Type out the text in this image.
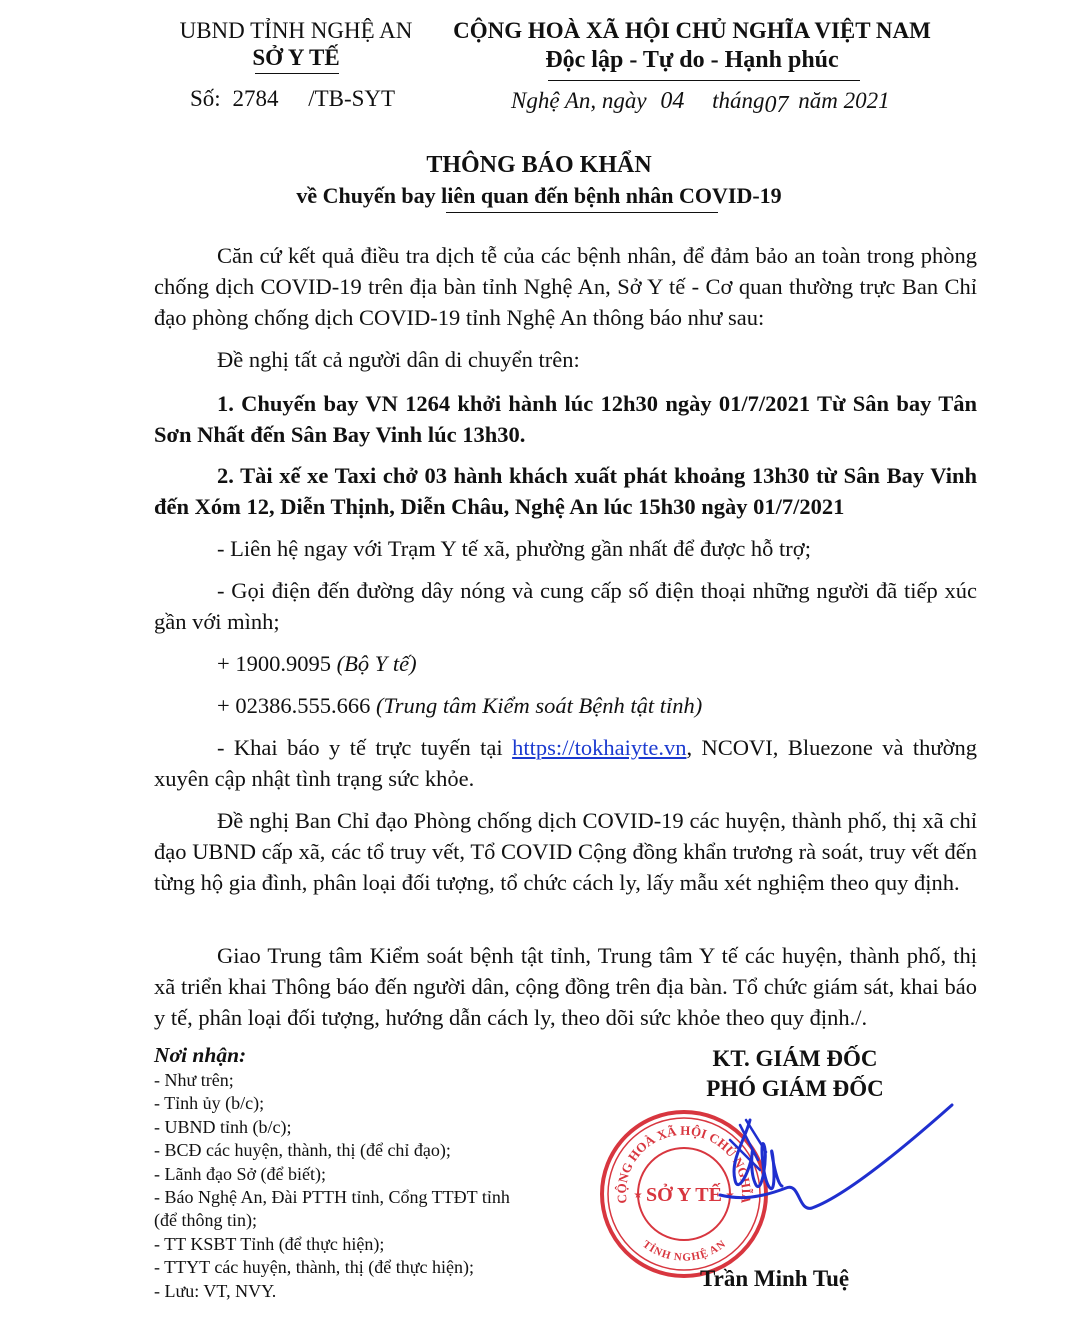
UBND TỈNH NGHỆ AN
SỞ Y TẾ
Số: 2784 /TB-SYT
CỘNG HOÀ XÃ HỘI CHỦ NGHĨA VIỆT NAM
Độc lập - Tự do - Hạnh phúc
Nghệ An, ngày 04 tháng07 năm 2021
THÔNG BÁO KHẨN
về Chuyến bay liên quan đến bệnh nhân COVID-19
Căn cứ kết quả điều tra dịch tễ của các bệnh nhân, để đảm bảo an toàn trong phòng chống dịch COVID-19 trên địa bàn tỉnh Nghệ An, Sở Y tế - Cơ quan thường trực Ban Chỉ đạo phòng chống dịch COVID-19 tỉnh Nghệ An thông báo như sau:
Đề nghị tất cả người dân di chuyển trên:
1. Chuyến bay VN 1264 khởi hành lúc 12h30 ngày 01/7/2021 Từ Sân bay Tân Sơn Nhất đến Sân Bay Vinh lúc 13h30.
2. Tài xế xe Taxi chở 03 hành khách xuất phát khoảng 13h30 từ Sân Bay Vinh đến Xóm 12, Diễn Thịnh, Diễn Châu, Nghệ An lúc 15h30 ngày 01/7/2021
- Liên hệ ngay với Trạm Y tế xã, phường gần nhất để được hỗ trợ;
- Gọi điện đến đường dây nóng và cung cấp số điện thoại những người đã tiếp xúc gần với mình;
+ 1900.9095 (Bộ Y tế)
+ 02386.555.666 (Trung tâm Kiểm soát Bệnh tật tỉnh)
- Khai báo y tế trực tuyến tại https://tokhaiyte.vn, NCOVI, Bluezone và thường xuyên cập nhật tình trạng sức khỏe.
Đề nghị Ban Chỉ đạo Phòng chống dịch COVID-19 các huyện, thành phố, thị xã chỉ đạo UBND cấp xã, các tổ truy vết, Tổ COVID Cộng đồng khẩn trương rà soát, truy vết đến từng hộ gia đình, phân loại đối tượng, tổ chức cách ly, lấy mẫu xét nghiệm theo quy định.
Giao Trung tâm Kiểm soát bệnh tật tỉnh, Trung tâm Y tế các huyện, thành phố, thị xã triển khai Thông báo đến người dân, cộng đồng trên địa bàn. Tổ chức giám sát, khai báo y tế, phân loại đối tượng, hướng dẫn cách ly, theo dõi sức khỏe theo quy định./.
Nơi nhận:
- Như trên;
- Tỉnh ủy (b/c);
- UBND tỉnh (b/c);
- BCĐ các huyện, thành, thị (để chỉ đạo);
- Lãnh đạo Sở (để biết);
- Báo Nghệ An, Đài PTTH tỉnh, Cổng TTĐT tỉnh
(để thông tin);
- TT KSBT Tỉnh (để thực hiện);
- TTYT các huyện, thành, thị (để thực hiện);
- Lưu: VT, NVY.
KT. GIÁM ĐỐC
PHÓ GIÁM ĐỐC
CỘNG HOÀ XÃ HỘI CHỦ NGHĨA
SỞ Y TẾ
TỈNH NGHỆ AN
★	★
Trần Minh Tuệ
